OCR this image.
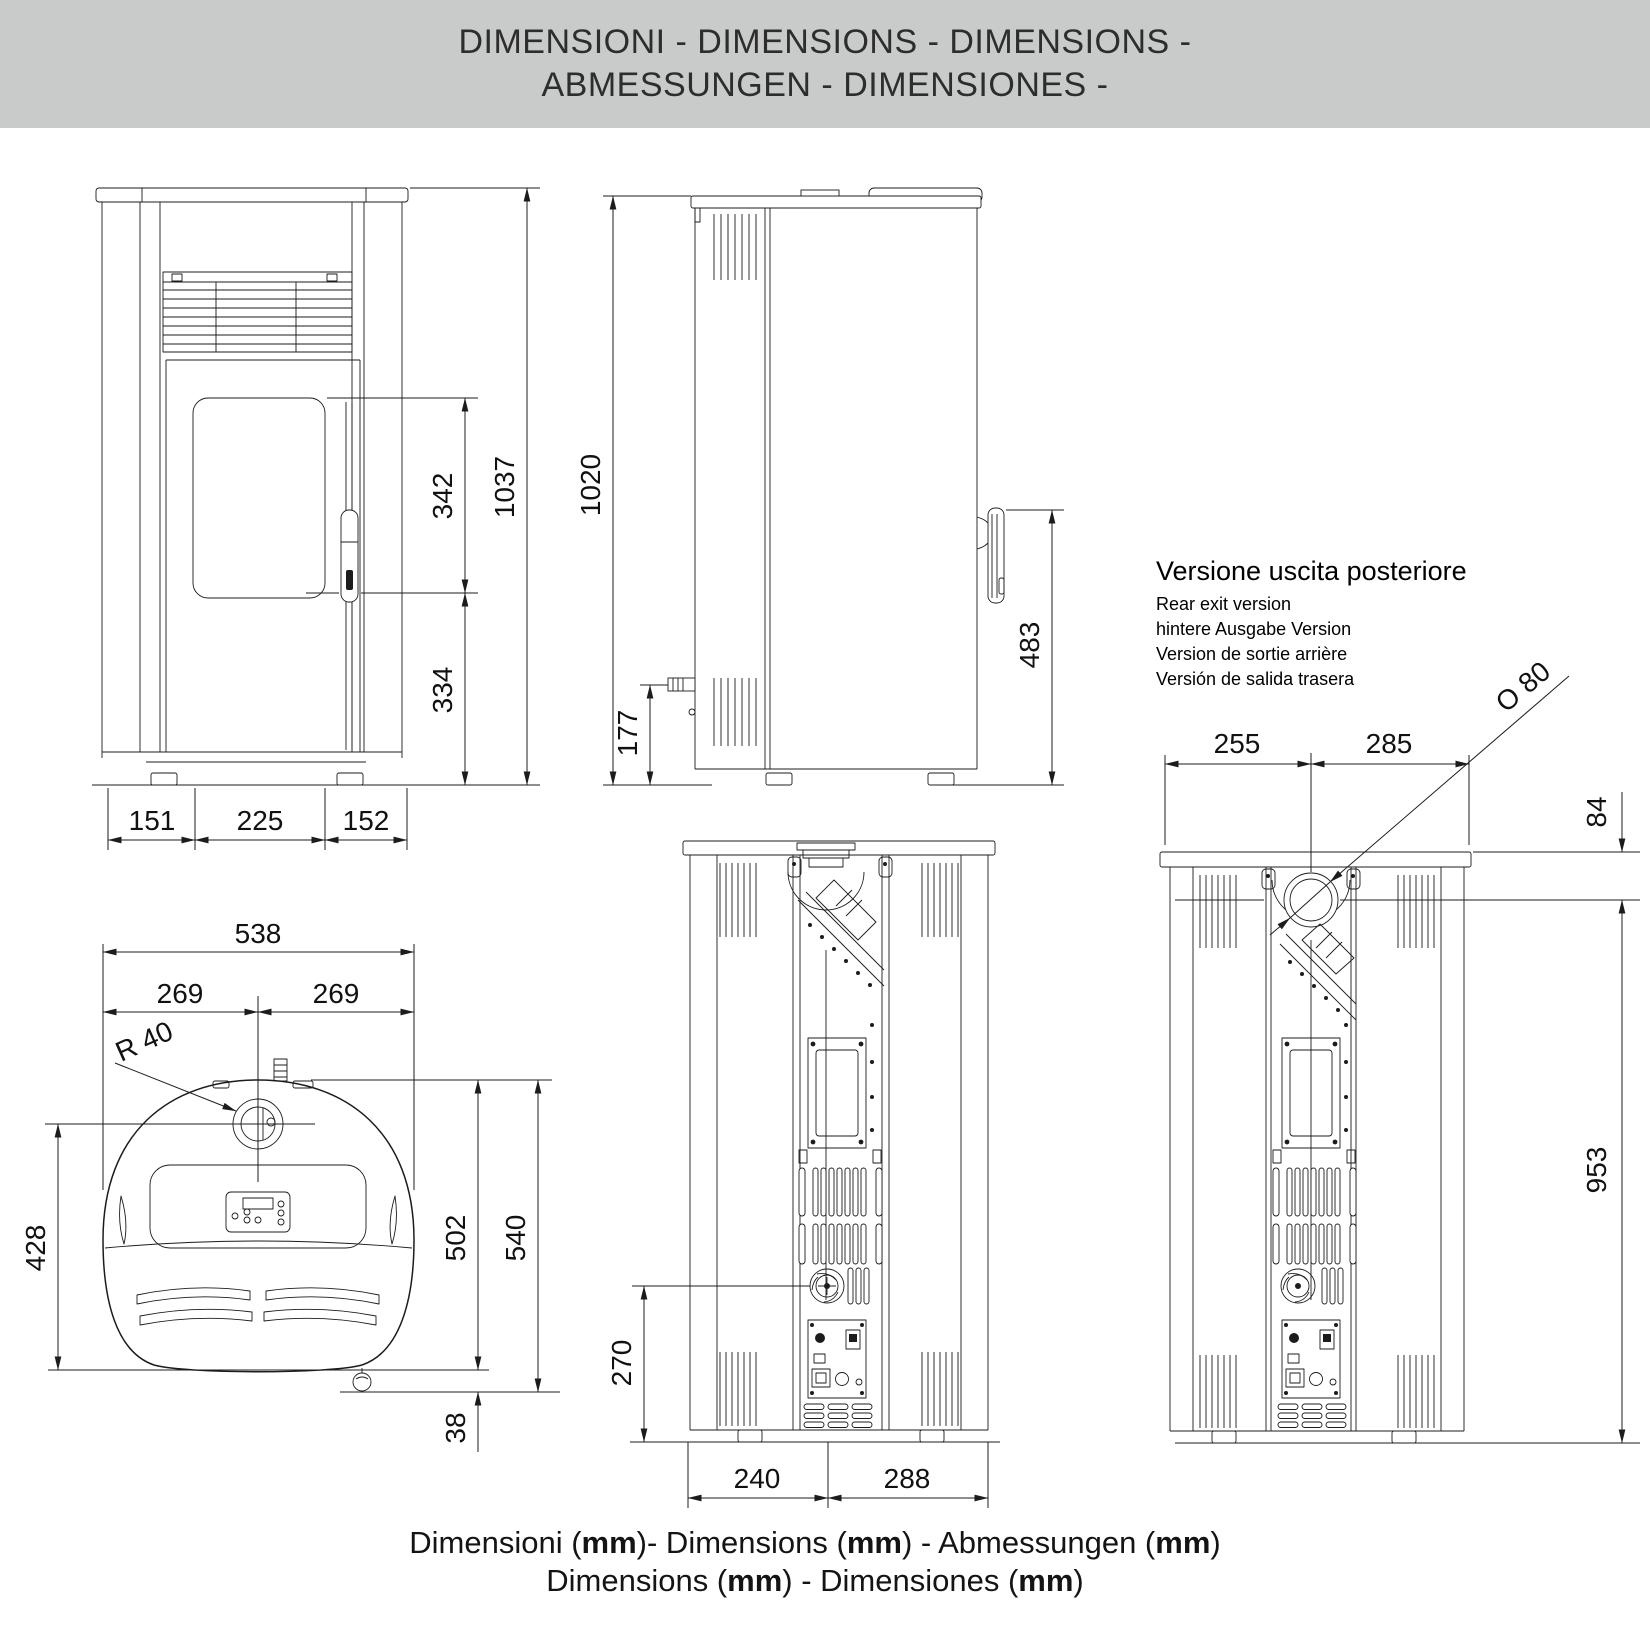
DIMENSIONI - DIMENSIONS - DIMENSIONS -
ABMESSUNGEN - DIMENSIONES -
Versione uscita posteriore
Rear exit version
hintere Ausgabe Version
Version de sortie arrière
Versión de salida trasera
1037
342
334
151 225 152
1020
177
483
538
269	269
R 40
428	502 540
38
270
240	288
255	285
O 80
84
953
Dimensioni (mm)- Dimensions (mm) - Abmessungen (mm)
Dimensions (mm) - Dimensiones (mm)
